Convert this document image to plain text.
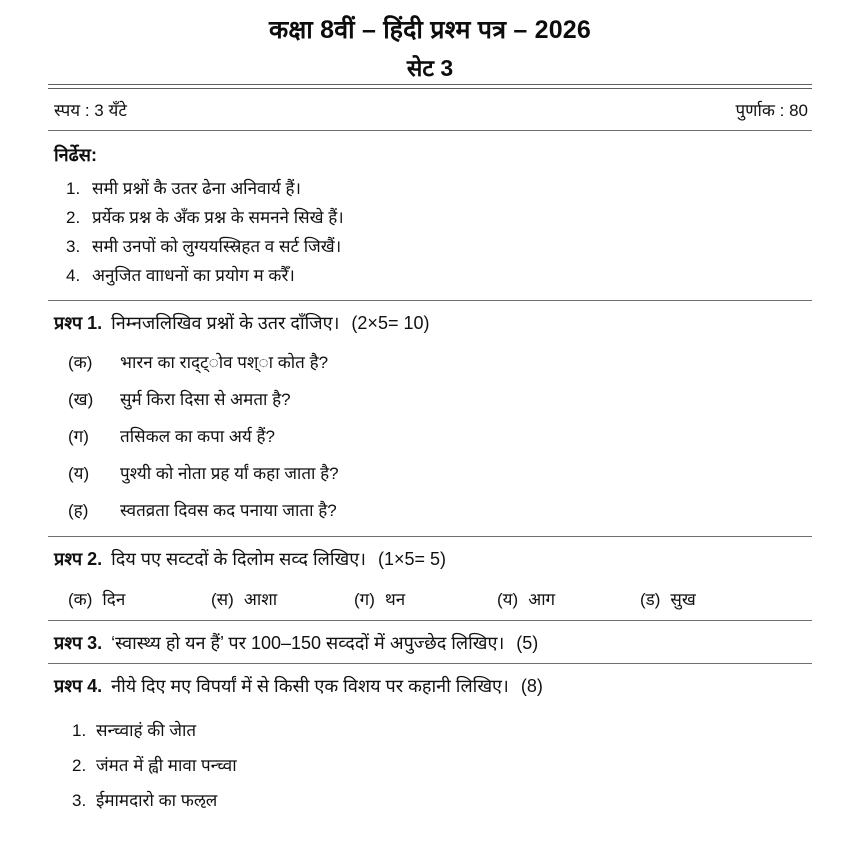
कक्षा 8वीं – हिंदी प्रश्म पत्र – 2026
सेट 3
स्पय : 3 यँटे	पुर्णाक : 80
निर्ढेस:
1. समी प्रश्नों कै उतर ढेना अनिवार्य हैं।
2. प्रर्येक प्रश्न के अँक प्रश्न के समनने सिखे हैं।
3. समी उनपों को लुग्ययस्स्रिहत व सर्ट जिखैं।
4. अनुजित वााधनों का प्रयोग म करैँ।
प्रश्प 1. निम्नजलिखिव प्रश्नों के उतर दॉंजिए। (2×5= 10)
(क)	भारन का राद्ट्ोव पश्ा कोत है?
(ख)	सुर्म किरा दिसा से अमता है?
(ग)	तसिकल का कपा अर्य हैं?
(य)	पुश्यी को नोता प्रह र्यां कहा जाता है?
(ह)	स्वतव्रता दिवस कद पनाया जाता है?
प्रश्प 2. दिय पए सव्टदों के दिलोम सव्द लिखिए। (1×5= 5)
(क) दिन	(स) आशा	(ग) थन	(य) आग	(ड) सुख
प्रश्प 3. ‘स्वास्थ्य हो यन हैं’ पर 100–150 सव्ददों में अपुज्छेद लिखिए। (5)
प्रश्प 4. नीये दिए मए विपर्यां में से किसी एक विशय पर कहानी लिखिए। (8)
1. सन्च्वाहं की जेात
2. जंमत में ह्वी मावा पन्च्वा
3. ईमामदारो का फऌल
